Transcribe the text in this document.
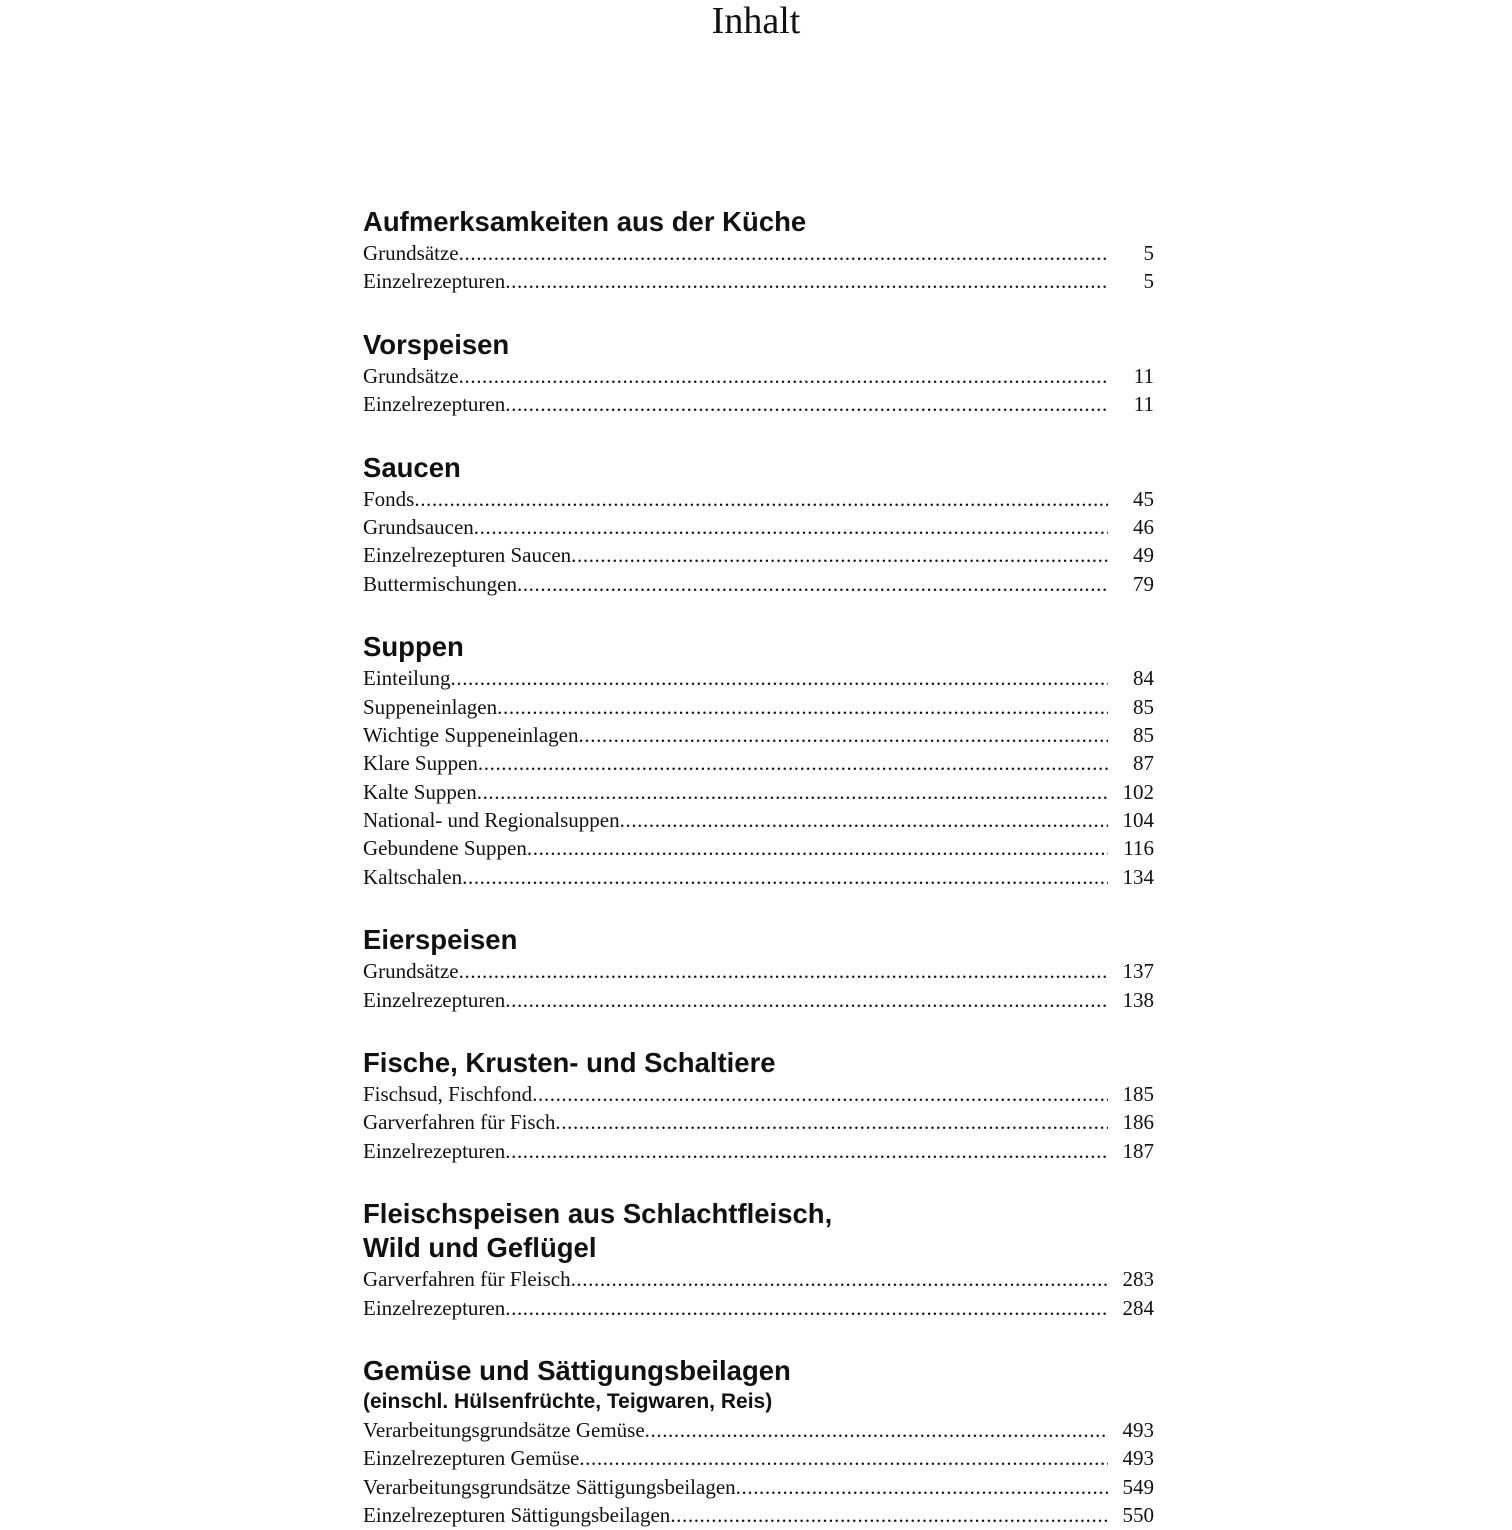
Inhalt
Aufmerksamkeiten aus der Küche
Grundsätze .....	5
Einzelrezepturen .....	5
Vorspeisen
Grundsätze .....	11
Einzelrezepturen .....	11
Saucen
Fonds .....	45
Grundsaucen .....	46
Einzelrezepturen Saucen .....	49
Buttermischungen .....	79
Suppen
Einteilung .....	84
Suppeneinlagen .....	85
Wichtige Suppeneinlagen .....	85
Klare Suppen .....	87
Kalte Suppen .....	102
National- und Regionalsuppen .....	104
Gebundene Suppen .....	116
Kaltschalen .....	134
Eierspeisen
Grundsätze .....	137
Einzelrezepturen .....	138
Fische, Krusten- und Schaltiere
Fischsud, Fischfond .....	185
Garverfahren für Fisch .....	186
Einzelrezepturen .....	187
Fleischspeisen aus Schlachtfleisch,
Wild und Geflügel
Garverfahren für Fleisch .....	283
Einzelrezepturen .....	284
Gemüse und Sättigungsbeilagen
(einschl. Hülsenfrüchte, Teigwaren, Reis)
Verarbeitungsgrundsätze Gemüse .....	493
Einzelrezepturen Gemüse .....	493
Verarbeitungsgrundsätze Sättigungsbeilagen .....	549
Einzelrezepturen Sättigungsbeilagen .....	550
